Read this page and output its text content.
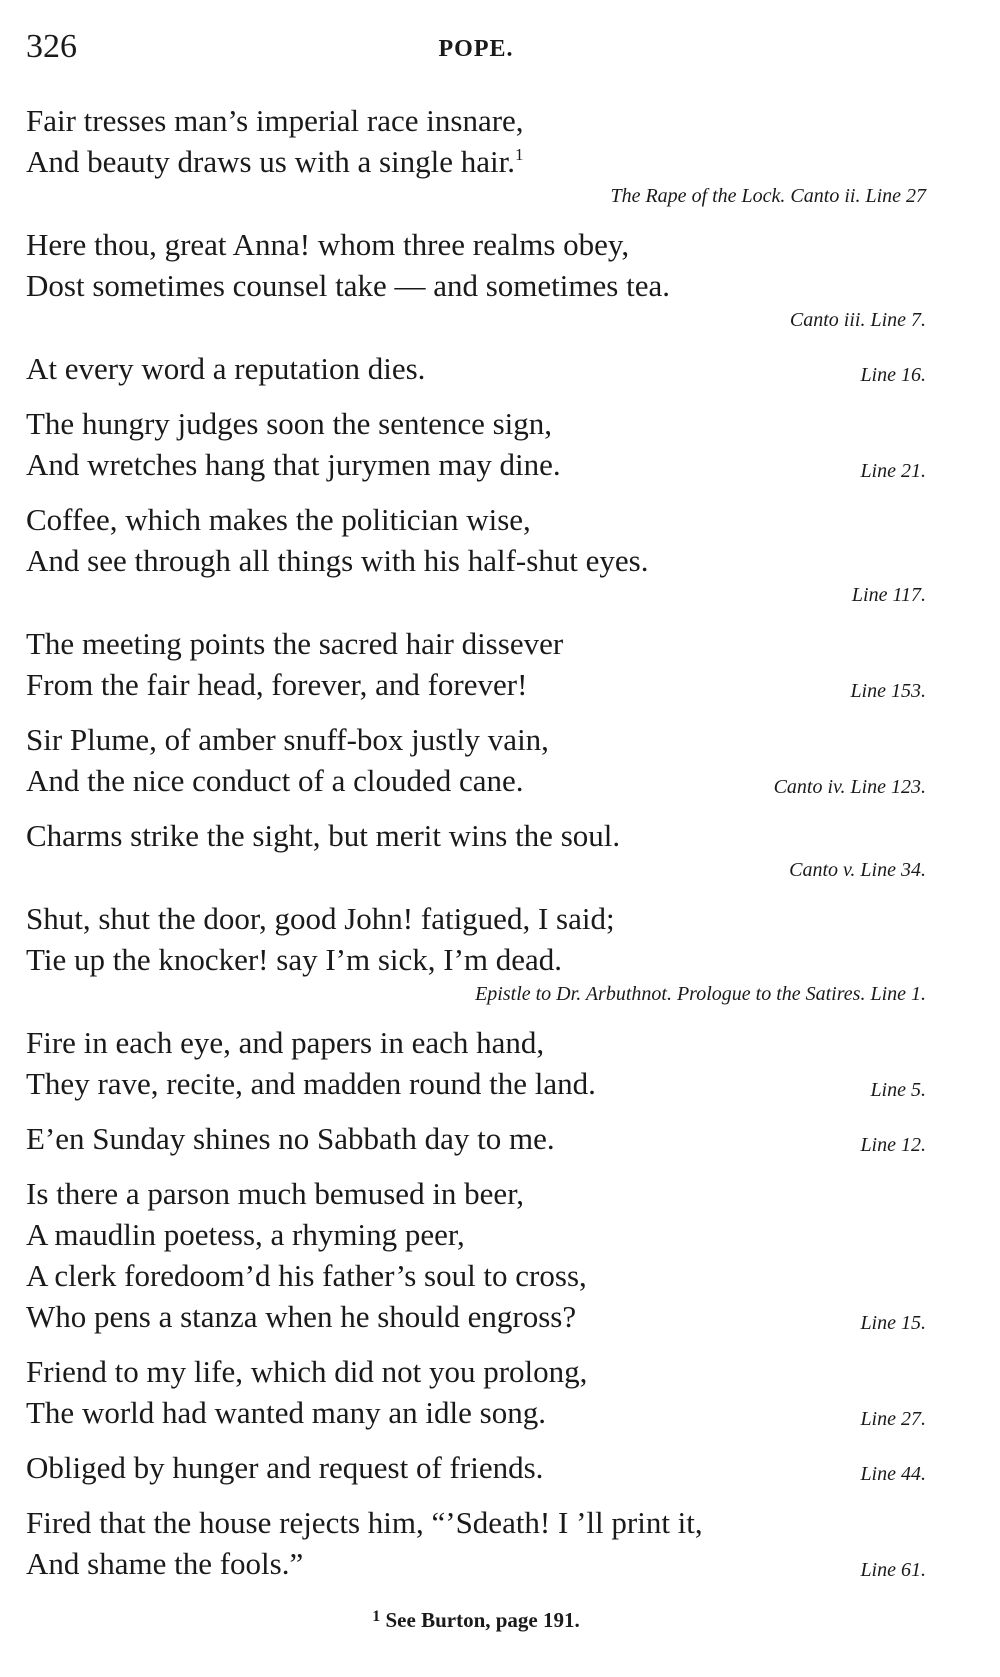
326	POPE.
Fair tresses man’s imperial race insnare,
And beauty draws us with a single hair.$^1$
The Rape of the Lock. Canto ii. Line 27
Here thou, great Anna! whom three realms obey,
Dost sometimes counsel take — and sometimes tea.
Canto iii. Line 7.
At every word a reputation dies.	Line 16.
The hungry judges soon the sentence sign,
And wretches hang that jurymen may dine.	Line 21.
Coffee, which makes the politician wise,
And see through all things with his half-shut eyes.
Line 117.
The meeting points the sacred hair dissever
From the fair head, forever, and forever!	Line 153.
Sir Plume, of amber snuff-box justly vain,
And the nice conduct of a clouded cane.	Canto iv. Line 123.
Charms strike the sight, but merit wins the soul.
Canto v. Line 34.
Shut, shut the door, good John! fatigued, I said;
Tie up the knocker! say I’m sick, I’m dead.
Epistle to Dr. Arbuthnot. Prologue to the Satires. Line 1.
Fire in each eye, and papers in each hand,
They rave, recite, and madden round the land.	Line 5.
E’en Sunday shines no Sabbath day to me.	Line 12.
Is there a parson much bemused in beer,
A maudlin poetess, a rhyming peer,
A clerk foredoom’d his father’s soul to cross,
Who pens a stanza when he should engross?	Line 15.
Friend to my life, which did not you prolong,
The world had wanted many an idle song.	Line 27.
Obliged by hunger and request of friends.	Line 44.
Fired that the house rejects him, “’Sdeath! I ’ll print it,
And shame the fools.”	Line 61.
$^1$ See Burton, page 191.
